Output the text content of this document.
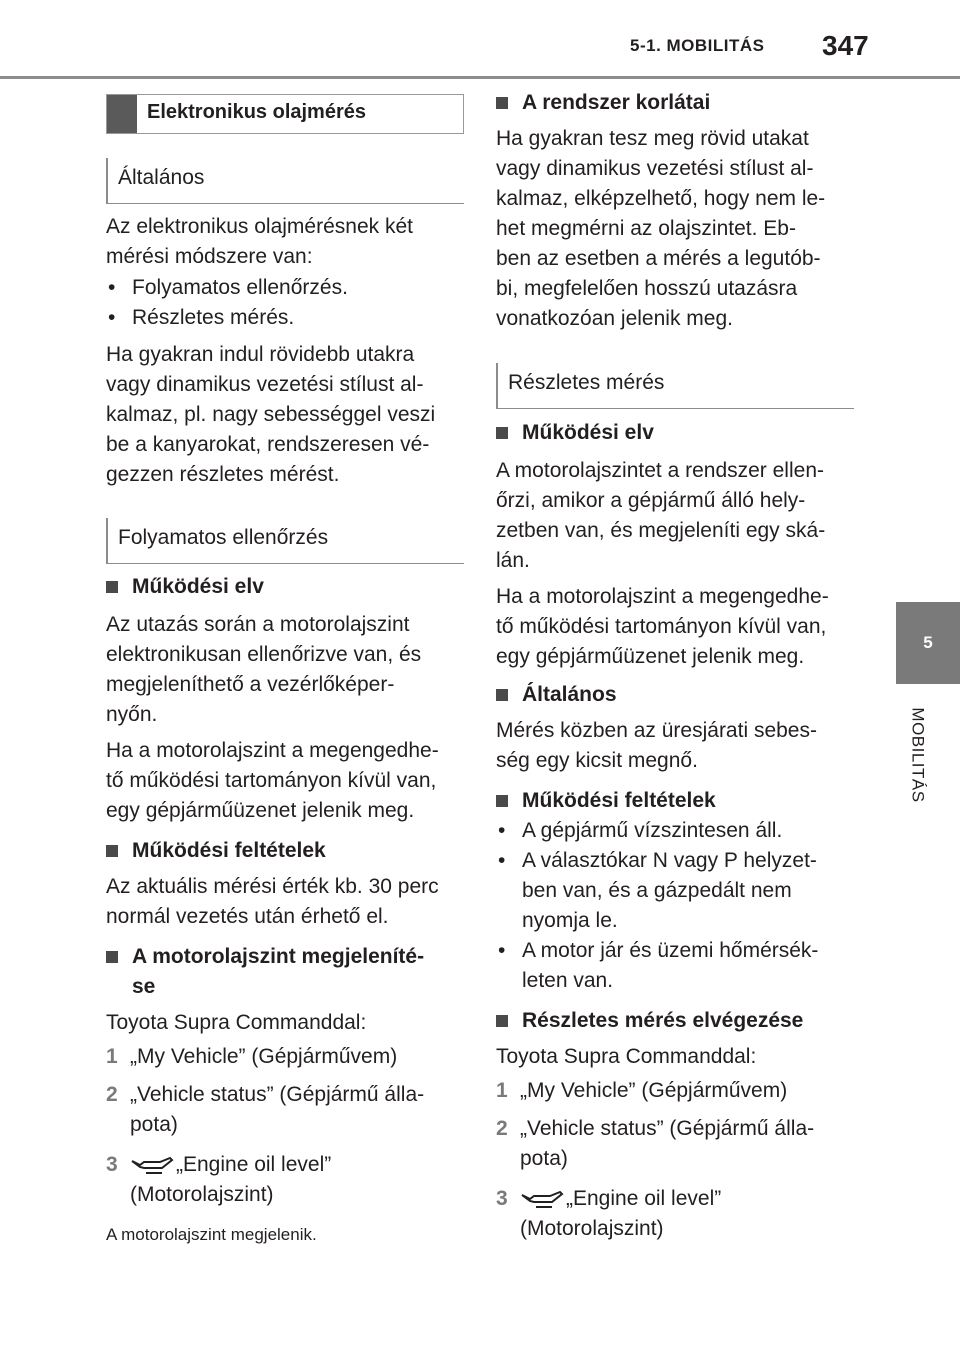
5-1. MOBILITÁS 347
5
MOBILITÁS
Elektronikus olajmérés
Általános
Az elektronikus olajmérésnek két
mérési módszere van:
• Folyamatos ellenőrzés.
• Részletes mérés.
Ha gyakran indul rövidebb utakra
vagy dinamikus vezetési stílust al-
kalmaz, pl. nagy sebességgel veszi
be a kanyarokat, rendszeresen vé-
gezzen részletes mérést.
Folyamatos ellenőrzés
Működési elv
Az utazás során a motorolajszint
elektronikusan ellenőrizve van, és
megjeleníthető a vezérlőképer-
nyőn.
Ha a motorolajszint a megengedhe-
tő működési tartományon kívül van,
egy gépjárműüzenet jelenik meg.
Működési feltételek
Az aktuális mérési érték kb. 30 perc
normál vezetés után érhető el.
A motorolajszint megjeleníté-
se
Toyota Supra Commanddal:
1 „My Vehicle” (Gépjárművem)
2 „Vehicle status” (Gépjármű álla-
pota)
3	„Engine oil level”
(Motorolajszint)
A motorolajszint megjelenik.
A rendszer korlátai
Ha gyakran tesz meg rövid utakat
vagy dinamikus vezetési stílust al-
kalmaz, elképzelhető, hogy nem le-
het megmérni az olajszintet. Eb-
ben az esetben a mérés a legutób-
bi, megfelelően hosszú utazásra
vonatkozóan jelenik meg.
Részletes mérés
Működési elv
A motorolajszintet a rendszer ellen-
őrzi, amikor a gépjármű álló hely-
zetben van, és megjeleníti egy ská-
lán.
Ha a motorolajszint a megengedhe-
tő működési tartományon kívül van,
egy gépjárműüzenet jelenik meg.
Általános
Mérés közben az üresjárati sebes-
ség egy kicsit megnő.
Működési feltételek
• A gépjármű vízszintesen áll.
• A választókar N vagy P helyzet-
ben van, és a gázpedált nem
nyomja le.
• A motor jár és üzemi hőmérsék-
leten van.
Részletes mérés elvégezése
Toyota Supra Commanddal:
1 „My Vehicle” (Gépjárművem)
2 „Vehicle status” (Gépjármű álla-
pota)
3	„Engine oil level”
(Motorolajszint)
